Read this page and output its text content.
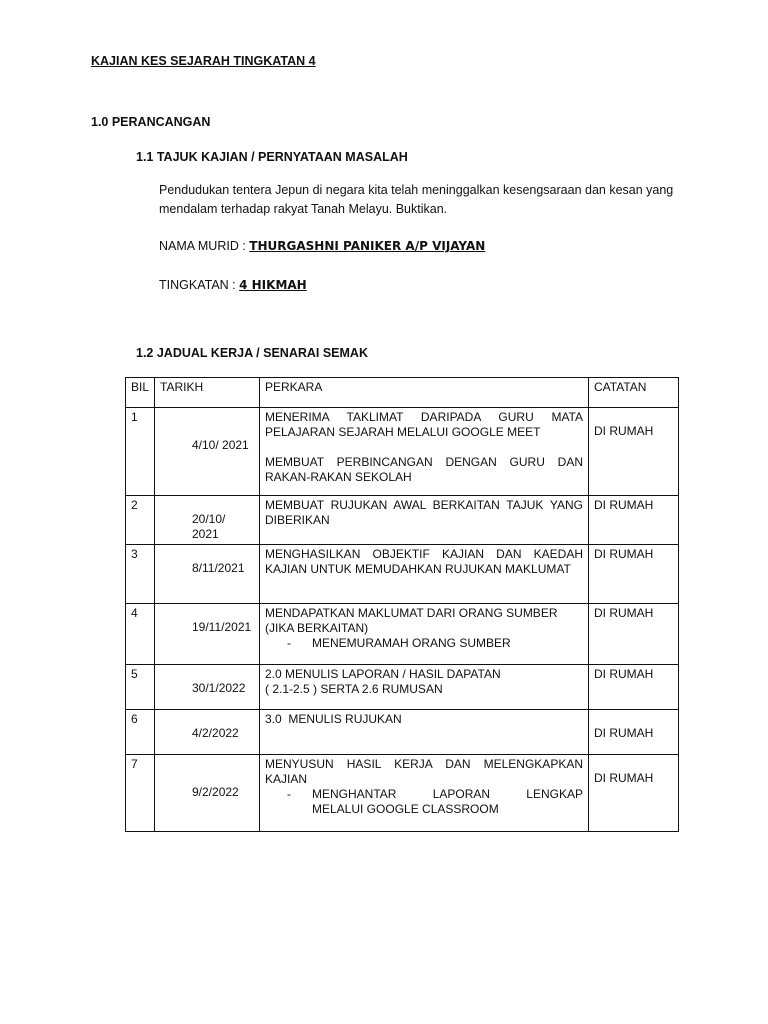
KAJIAN KES SEJARAH TINGKATAN 4
1.0 PERANCANGAN
1.1 TAJUK KAJIAN / PERNYATAAN MASALAH
Pendudukan tentera Jepun di negara kita telah meninggalkan kesengsaraan dan kesan yang mendalam terhadap rakyat Tanah Melayu. Buktikan.
NAMA MURID : THURGASHNI PANIKER A/P VIJAYAN
TINGKATAN : 4 HIKMAH
1.2 JADUAL KERJA / SENARAI SEMAK
BIL	TARIKH	PERKARA	CATATAN
1	4/10/ 2021	MENERIMA TAKLIMAT DARIPADA GURU MATA PELAJARAN SEJARAH MELALUI GOOGLE MEET
MEMBUAT PERBINCANGAN DENGAN GURU DAN RAKAN-RAKAN SEKOLAH	DI RUMAH
2	20/10/ 2021	MEMBUAT RUJUKAN AWAL BERKAITAN TAJUK YANG DIBERIKAN	DI RUMAH
3	8/11/2021	MENGHASILKAN OBJEKTIF KAJIAN DAN KAEDAH KAJIAN UNTUK MEMUDAHKAN RUJUKAN MAKLUMAT	DI RUMAH
4	19/11/2021	MENDAPATKAN MAKLUMAT DARI ORANG SUMBER (JIKA BERKAITAN)
- MENEMURAMAH ORANG SUMBER	DI RUMAH
5	30/1/2022	2.0 MENULIS LAPORAN / HASIL DAPATAN
( 2.1-2.5 ) SERTA 2.6 RUMUSAN	DI RUMAH
6	4/2/2022	3.0  MENULIS RUJUKAN	DI RUMAH
7	9/2/2022	MENYUSUN HASIL KERJA DAN MELENGKAPKAN KAJIAN
- MENGHANTAR LAPORAN LENGKAP
MELALUI GOOGLE CLASSROOM	DI RUMAH
